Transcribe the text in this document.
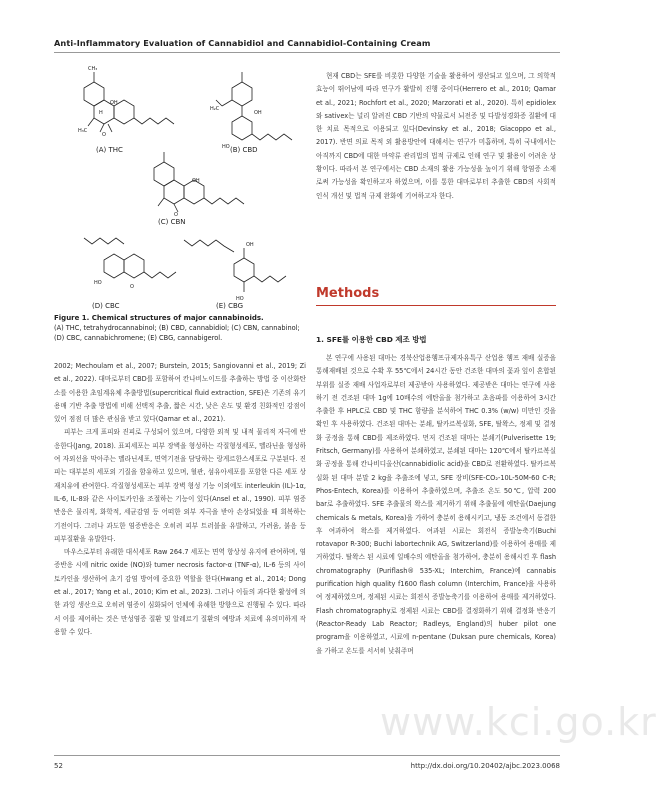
Anti-Inflammatory Evaluation of Cannabidiol and Cannabidiol-Containing Cream
CH₃
OH
H
O
H₃C
OH
HO
H₂C
OH
O
HO
O
OH
HO
(A) THC	(B) CBD
(C) CBN
(D) CBC	(E) CBG
Figure 1. Chemical structures of major cannabinoids.
(A) THC, tetrahydrocannabinol; (B) CBD, cannabidiol; (C) CBN, cannabinol; (D) CBC, cannabichromene; (E) CBG, cannabigerol.

2002; Mechoulam et al., 2007; Burstein, 2015; Sangiovanni et al., 2019; Zi et al., 2022). 대마로부터 CBD를 포함하여 칸나비노이드를 추출하는 방법 중 이산화탄소를 이용한 초임계유체 추출방법(supercritical fluid extraction, SFE)은 기존의 유기용매 기반 추출 방법에 비해 선택적 추출, 짧은 시간, 낮은 온도 및 환경 친화적인 강점이 있어 점점 더 많은 관심을 받고 있다(Qamar et al., 2021).

피부는 크게 표피와 진피로 구성되어 있으며, 다양한 외적 및 내적 물리적 자극에 반응한다(Jang, 2018). 표피세포는 피부 장벽을 형성하는 각질형성세포, 멜라닌을 형성하여 자외선을 막아주는 멜라닌세포, 면역기전을 담당하는 랑게르한스세포로 구분된다. 진피는 대부분의 세포외 기질을 함유하고 있으며, 혈관, 섬유아세포를 포함한 다른 세포 상재치유에 관여한다. 각질형성세포는 피부 장벽 형성 기능 이외에도 interleukin (IL)-1α, IL-6, IL-8와 같은 사이토카인을 조절하는 기능이 있다(Ansel et al., 1990). 피부 염증반응은 물리적, 화학적, 세균감염 등 어떠한 외부 자극을 받아 손상되었을 때 회복하는 기전이다. 그러나 과도한 염증반응은 오히려 피부 트러블을 유발하고, 가려움, 붉음 등 피부질환을 유발한다.

마우스로부터 유래한 대식세포 Raw 264.7 세포는 면역 항상성 유지에 관여하며, 염증반응 시에 nitric oxide (NO)와 tumer necrosis factor-α (TNF-α), IL-6 등의 사이토카인을 생산하여 초기 감염 방어에 중요한 역할을 한다(Hwang et al., 2014; Dong et al., 2017; Yang et al., 2010; Kim et al., 2023). 그러나 이들의 과다한 활성에 의한 과잉 생산으로 오히려 염증이 심화되어 인체에 유해한 방향으로 진행될 수 있다. 따라서 이를 제어하는 것은 만성염증 질환 및 알레르기 질환의 예방과 치료에 유의미하게 작용할 수 있다.

현재 CBD는 SFE를 비롯한 다양한 기술을 활용하여 생산되고 있으며, 그 의학적 효능이 뛰어남에 따라 연구가 활발히 진행 중이다(Herrero et al., 2010; Qamar et al., 2021; Rochfort et al., 2020; Marzorati et al., 2020). 특히 epidiolex와 sativex는 널리 알려진 CBD 기반의 약물로서 뇌전증 및 다발성경화증 질환에 대한 치료 목적으로 이용되고 있다(Devinsky et al., 2018; Giacoppo et al., 2017). 반면 의료 목적 외 활용방안에 대해서는 연구가 미흡하며, 특히 국내에서는 아직까지 CBD에 대한 마약류 관리법의 법적 규제로 인해 연구 및 활용이 어려운 상황이다. 따라서 본 연구에서는 CBD 소재의 활용 가능성을 높이기 위해 항염증 소재로써 가능성을 확인하고자 하였으며, 이를 통한 대마로부터 추출한 CBD의 사회적 인식 개선 및 법적 규제 완화에 기여하고자 한다.

Methods
1. SFE를 이용한 CBD 제조 방법

본 연구에 사용된 대마는 경북산업용헴프규제자유특구 산업용 헴프 재배 실증을 통해재배된 것으로 수확 후 55℃에서 24시간 동안 건조한 대마의 꽃과 잎이 혼합된 부위를 실증 재배 사업자로부터 제공받아 사용하였다. 제공받은 대마는 연구에 사용하기 전 건조된 대마 1g에 10배수의 에탄올을 첨가하고 초음파를 이용하여 3시간 추출한 후 HPLC로 CBD 및 THC 함량을 분석하여 THC 0.3% (w/w) 미만인 것을 확인 후 사용하였다. 건조된 대마는 분쇄, 탈카르복실화, SFE, 탈왁스, 정제 및 결정화 공정을 통해 CBD를 제조하였다. 먼저 건조된 대마는 분쇄기(Pulverisette 19; Fritsch, Germany)를 사용하여 분쇄하였고, 분쇄된 대마는 120℃에서 탈카르복실화 공정을 통해 칸나비디올산(cannabidiolic acid)을 CBD로 전환하였다. 탈카르복실화 된 대마 분말 2 kg을 추출조에 넣고, SFE 장비(SFE-CO₂-10L-50M-60 C-R; Phos-Entech, Korea)를 이용하여 추출하였으며, 추출조 온도 50℃, 압력 200 bar로 추출하였다. SFE 추출물의 왁스를 제거하기 위해 추출물에 에탄올(Daejung chemicals & metals, Korea)을 가하여 충분히 용해시키고, 냉동 조건에서 동결한 후 여과하여 왁스를 제거하였다. 여과된 시료는 회전식 증발농축기(Buchi rotavapor R-300; Buchi labortechnik AG, Switzerland)를 이용하여 용매를 제거하였다. 탈왁스 된 시료에 일배수의 에탄올을 첨가하여, 충분히 용해시킨 후 flash chromatography (Puriflash® 535-XL; Interchim, France)에 cannabis purification high quality f1600 flash column (Interchim, France)을 사용하여 정제하였으며, 정제된 시료는 회전식 증발농축기를 이용하여 용매를 제거하였다. Flash chromatography로 정제된 시료는 CBD를 결정화하기 위해 결정화 반응기(Reactor-Ready Lab Reactor; Radleys, England)의 huber pilot one program을 이용하였고, 시료에 n-pentane (Duksan pure chemicals, Korea)을 가하고 온도를 서서히 낮춰주며

www.kci.go.kr
52	http://dx.doi.org/10.20402/ajbc.2023.0068
